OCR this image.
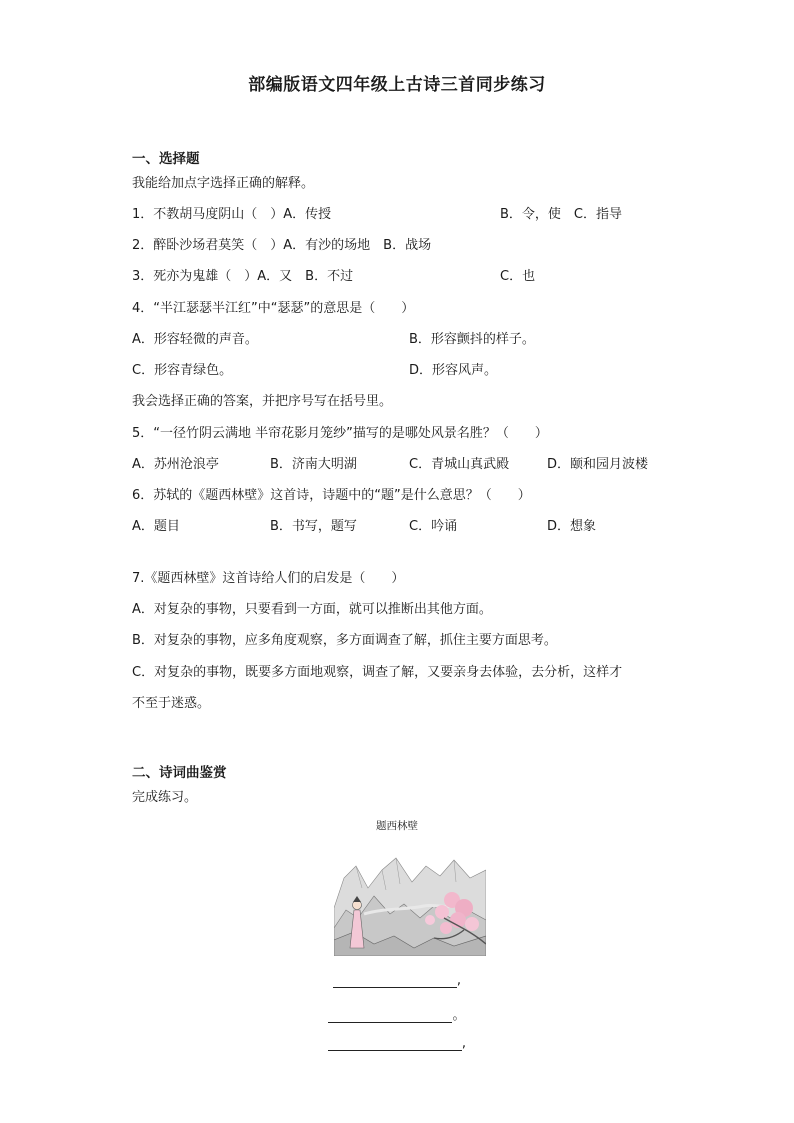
部编版语文四年级上古诗三首同步练习
一、选择题
我能给加点字选择正确的解释。
1．不教胡马度阴山（　）A．传授	B．令，使　C．指导
2．醉卧沙场君莫笑（　）A．有沙的场地　B．战场
3．死亦为鬼雄（　）A．又　B．不过	C．也
4．“半江瑟瑟半江红”中“瑟瑟”的意思是（　　）
A．形容轻微的声音。	B．形容颤抖的样子。
C．形容青绿色。	D．形容风声。
我会选择正确的答案，并把序号写在括号里。
5．“一径竹阴云满地 半帘花影月笼纱”描写的是哪处风景名胜？（　　）
A．苏州沧浪亭	B．济南大明湖	C．青城山真武殿	D．颐和园月波楼
6．苏轼的《题西林壁》这首诗，诗题中的“题”是什么意思？（　　）
A．题目	B．书写，题写	C．吟诵	D．想象
7.《题西林壁》这首诗给人们的启发是（　　）
A．对复杂的事物，只要看到一方面，就可以推断出其他方面。
B．对复杂的事物，应多角度观察，多方面调查了解，抓住主要方面思考。
C．对复杂的事物，既要多方面地观察，调查了解，又要亲身去体验，去分析，这样才
不至于迷惑。
二、诗词曲鉴赏
完成练习。
题西林壁
,
。
,
